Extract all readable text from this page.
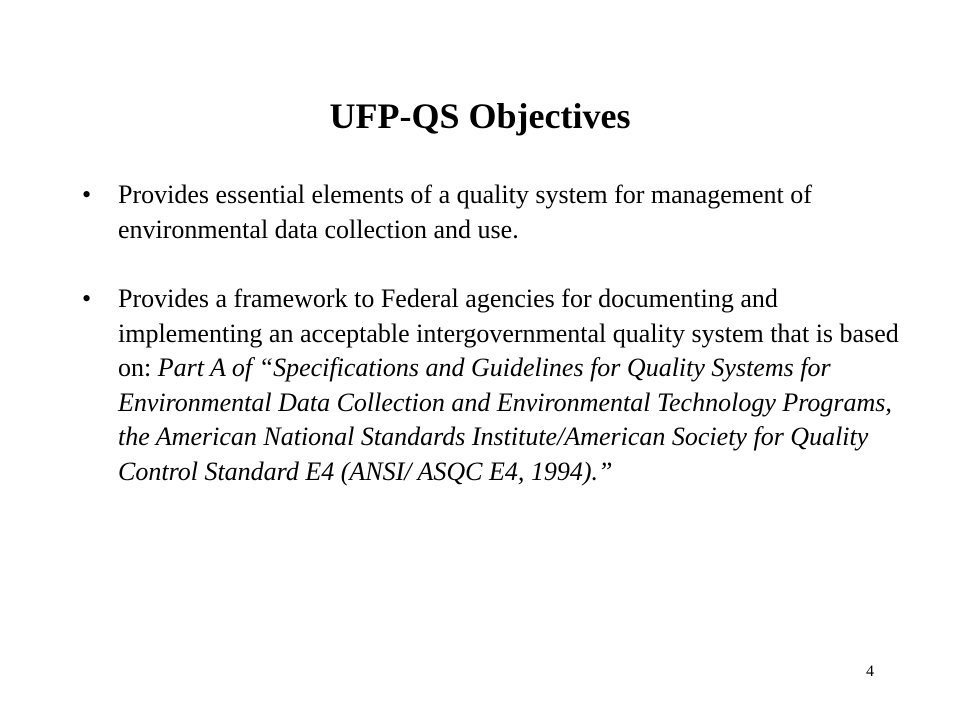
UFP-QS Objectives
• Provides essential elements of a quality system for management of environmental data collection and use.
• Provides a framework to Federal agencies for documenting and implementing an acceptable intergovernmental quality system that is based on: Part A of “Specifications and Guidelines for Quality Systems for Environmental Data Collection and Environmental Technology Programs, the American National Standards Institute/American Society for Quality Control Standard E4 (ANSI/ ASQC E4, 1994).”
4
